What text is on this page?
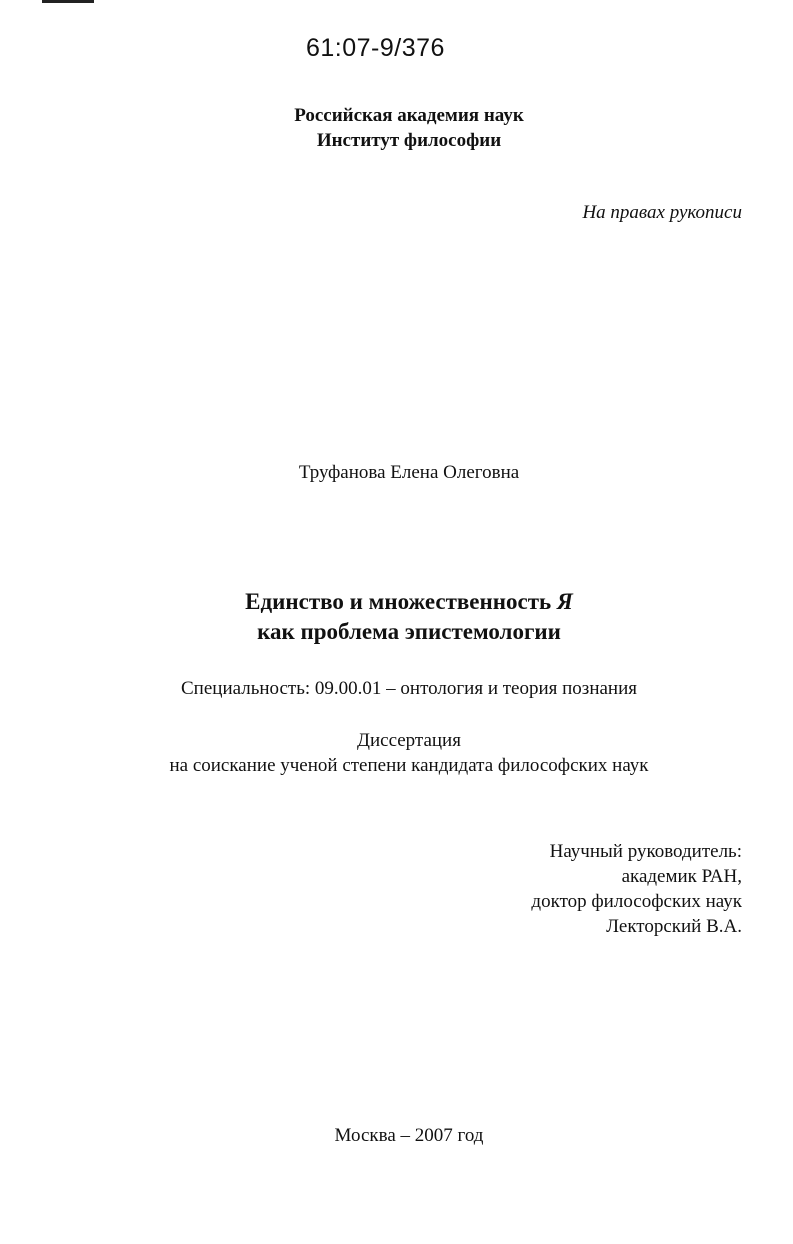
61:07-9/376
Российская академия наук
Институт философии
На правах рукописи
Труфанова Елена Олеговна
Единство и множественность Я
как проблема эпистемологии
Специальность: 09.00.01 – онтология и теория познания
Диссертация
на соискание ученой степени кандидата философских наук
Научный руководитель:
академик РАН,
доктор философских наук
Лекторский В.А.
Москва – 2007 год
